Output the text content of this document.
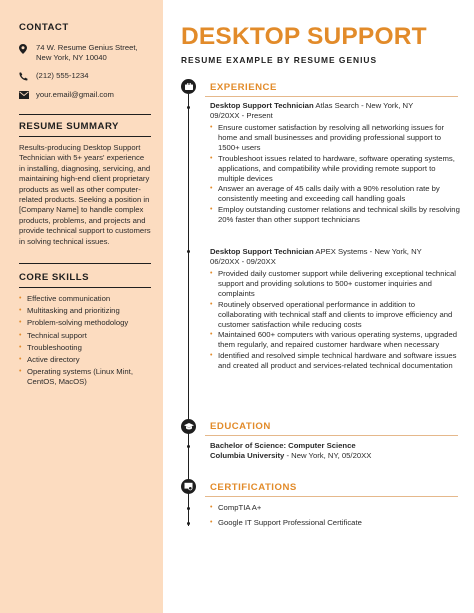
CONTACT
74 W. Resume Genius Street,
New York, NY 10040
(212) 555-1234
your.email@gmail.com
RESUME SUMMARY
Results-producing Desktop Support Technician with 5+ years' experience in installing, diagnosing, servicing, and maintaining high-end client proprietary products as well as other computer-related products. Seeking a position in [Company Name] to handle complex products, problems, and projects and provide technical support to customers in solving technical issues.
CORE SKILLS
• Effective communication
• Multitasking and prioritizing
• Problem-solving methodology
• Technical support
• Troubleshooting
• Active directory
• Operating systems (Linux Mint, CentOS, MacOS)
DESKTOP SUPPORT
RESUME EXAMPLE BY RESUME GENIUS
EXPERIENCE
Desktop Support Technician Atlas Search - New York, NY
09/20XX - Present
• Ensure customer satisfaction by resolving all networking issues for home and small businesses and providing professional support to 1500+ users
• Troubleshoot issues related to hardware, software operating systems, applications, and compatibility while providing remote support to multiple devices
• Answer an average of 45 calls daily with a 90% resolution rate by consistently meeting and exceeding call handling goals
• Employ outstanding customer relations and technical skills by resolving 20% faster than other support technicians
Desktop Support Technician APEX Systems - New York, NY
06/20XX - 09/20XX
• Provided daily customer support while delivering exceptional technical support and providing solutions to 500+ customer inquiries and complaints
• Routinely observed operational performance in addition to collaborating with technical staff and clients to improve efficiency and customer satisfaction while reducing costs
• Maintained 600+ computers with various operating systems, upgraded them regularly, and repaired customer hardware when necessary
• Identified and resolved simple technical hardware and software issues and created all product and services-related technical documentation
EDUCATION
Bachelor of Science: Computer Science
Columbia University - New York, NY, 05/20XX
CERTIFICATIONS
• CompTIA A+
• Google IT Support Professional Certificate
